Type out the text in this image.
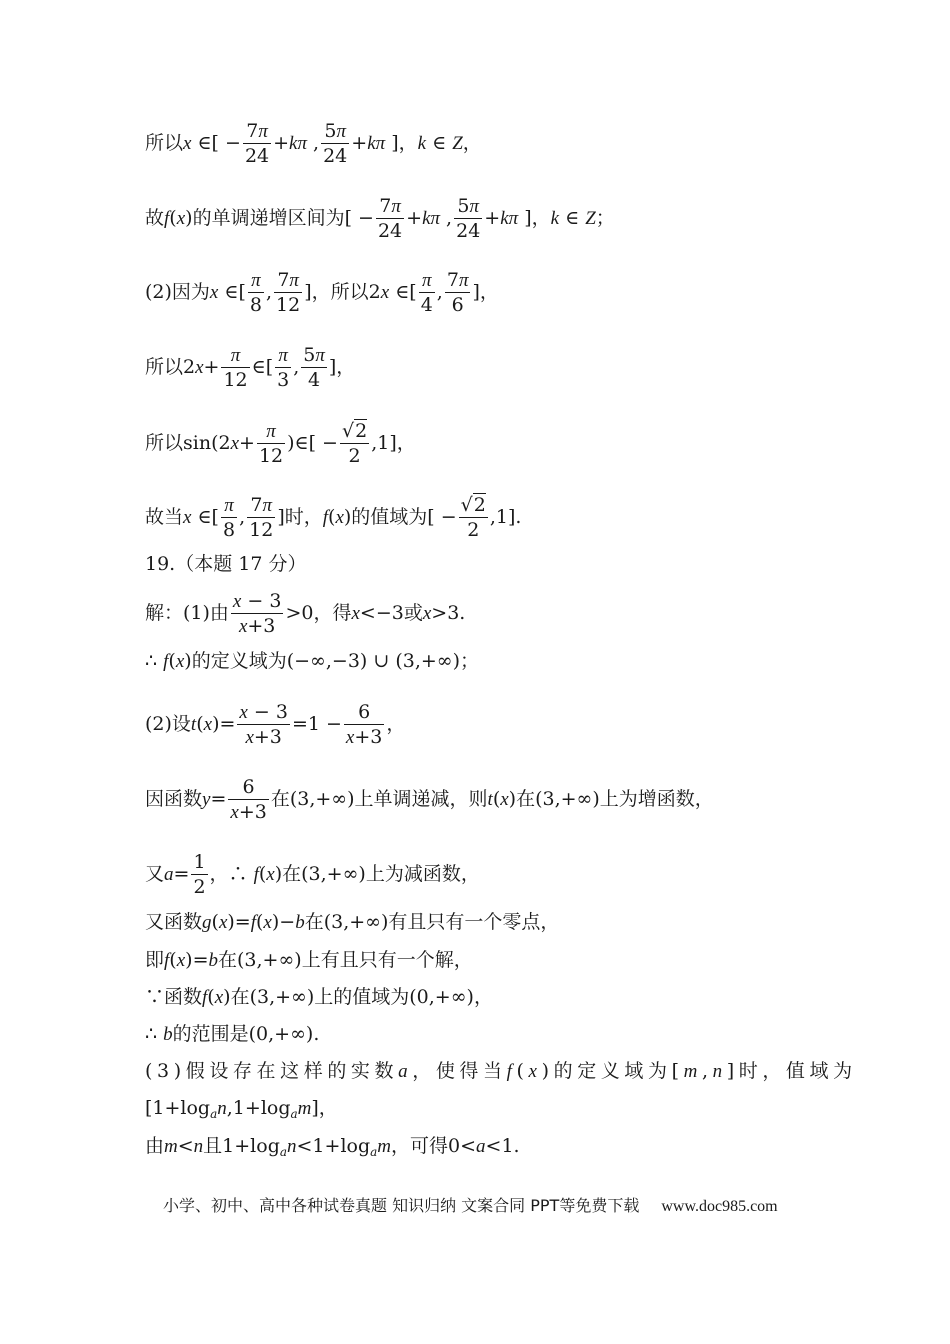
所以x ∈[ − $\frac{7\pi}{24} +k\pi$ , $\frac{5\pi}{24} +k\pi$ ]，k ∈ Z，
故f(x)的单调递增区间为[ − $\frac{7\pi}{24} +k\pi$ , $\frac{5\pi}{24} +k\pi$ ]，k ∈ Z；
(2)因为x ∈[ $\frac{\pi}{8}$ , $\frac{7\pi}{12}$ ]，所以2x ∈[ $\frac{\pi}{4}$ , $\frac{7\pi}{6}$ ]，
所以$2x+ \frac{\pi}{12}$ ∈[ $\frac{\pi}{3}$ , $\frac{5\pi}{4}$ ]，
所以$\sin(2x+ \frac{\pi}{12}$ )∈[ − $\frac{√2}{2} ,1$]，
故当x ∈[ $\frac{\pi}{8}$ , $\frac{7\pi}{12}$ ]时，f(x)的值域为[ − $\frac{√2}{2} ,1$].
19.（本题 17 分）
解：(1)由 $\frac{x - 3}{x+3} >0$，得x<−3或x>3.
∴ f(x)的定义域为(−∞,−3) ∪ (3,+∞)；
(2)设$t(x)= \frac{x - 3}{x+3} =1 - \frac{6}{x+3}$ ，
因函数$y= \frac{6}{x+3}$ 在(3,+∞)上单调递减，则t(x)在(3,+∞)上为增函数，
又$a= \frac{1}{2}$ ，∴ f(x)在(3,+∞)上为减函数，
又函数g(x)=f(x)−b在(3,+∞)有且只有一个零点，
即f(x)=b在(3,+∞)上有且只有一个解，
∵函数f(x)在(3,+∞)上的值域为(0,+∞)，
∴ b的范围是(0,+∞).
(3)假设存在这样的实数a，使得当f(x)的定义域为[m,n]时，值域为
$[1+\log_an,1+\log_am]$，
由m<n且$1+\log_an<1+\log_am$，可得0<a<1.
小学、初中、高中各种试卷真题 知识归纳 文案合同 PPT等免费下载 www.doc985.com
